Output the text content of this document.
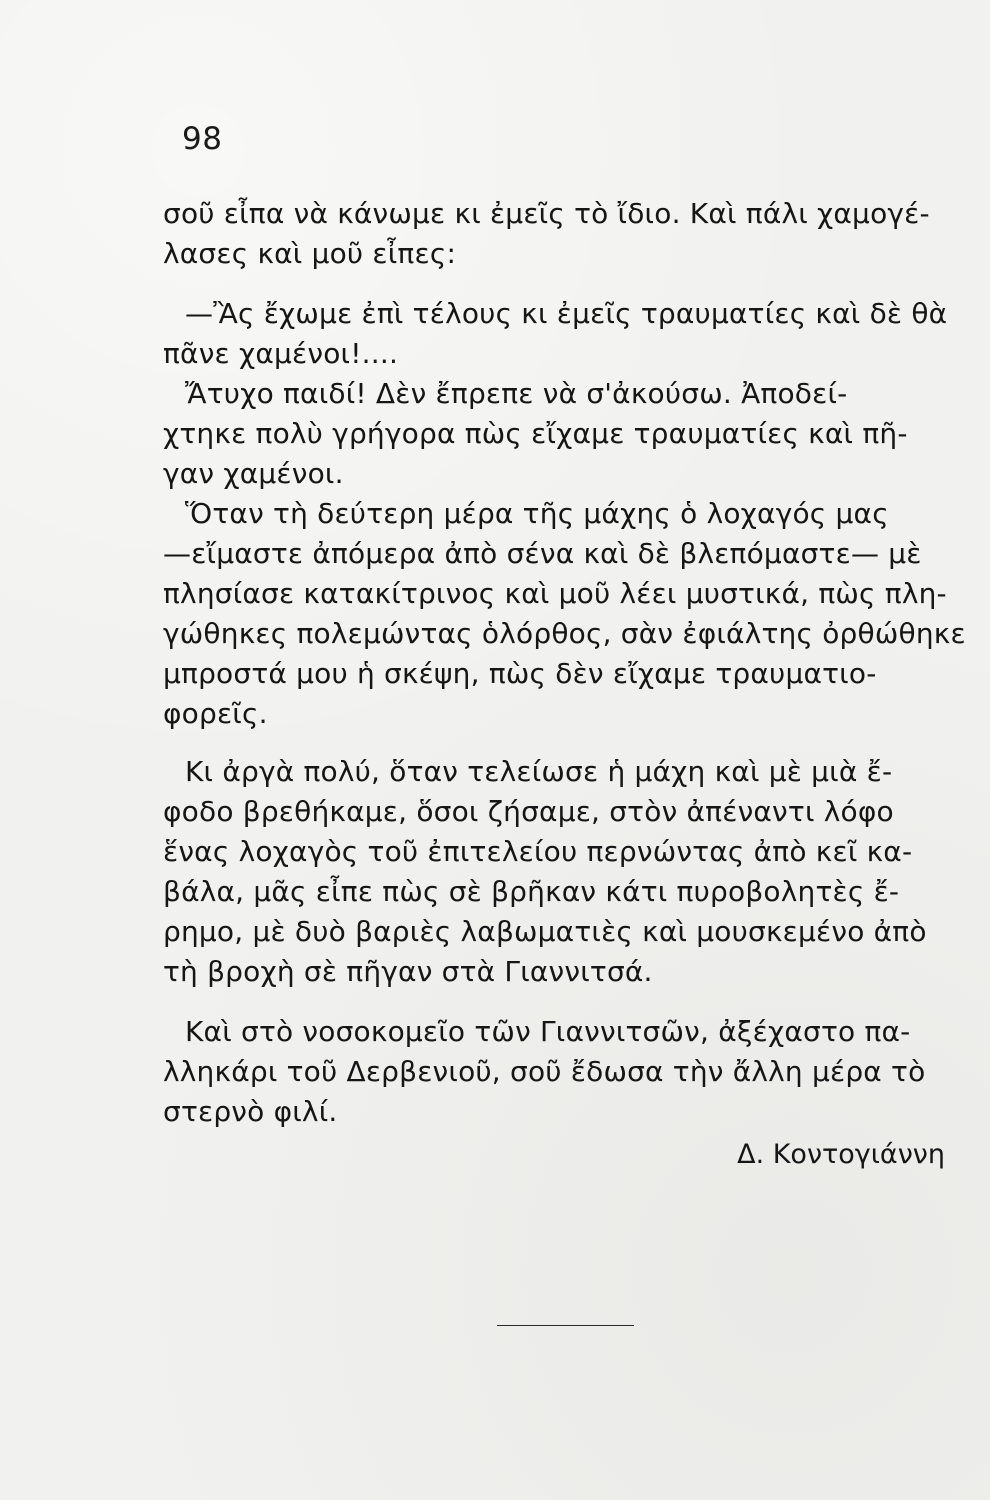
98
σοῦ εἶπα νὰ κάνωμε κι ἐμεῖς τὸ ἴδιο. Καὶ πάλι χαμογέ-
λασες καὶ μοῦ εἶπες:
—Ἂς ἔχωμε ἐπὶ τέλους κι ἐμεῖς τραυματίες καὶ δὲ θὰ
πᾶνε χαμένοι!....
Ἄτυχο παιδί! Δὲν ἔπρεπε νὰ σ'ἀκούσω. Ἀποδεί-
χτηκε πολὺ γρήγορα πὼς εἴχαμε τραυματίες καὶ πῆ-
γαν χαμένοι.
Ὅταν τὴ δεύτερη μέρα τῆς μάχης ὁ λοχαγός μας
—εἴμαστε ἀπόμερα ἀπὸ σένα καὶ δὲ βλεπόμαστε— μὲ
πλησίασε κατακίτρινος καὶ μοῦ λέει μυστικά, πὼς πλη-
γώθηκες πολεμώντας ὁλόρθος, σὰν ἐφιάλτης ὀρθώθηκε
μπροστά μου ἡ σκέψη, πὼς δὲν εἴχαμε τραυματιο-
φορεῖς.
Κι ἀργὰ πολύ, ὅταν τελείωσε ἡ μάχη καὶ μὲ μιὰ ἔ-
φοδο βρεθήκαμε, ὅσοι ζήσαμε, στὸν ἀπέναντι λόφο
ἕνας λοχαγὸς τοῦ ἐπιτελείου περνώντας ἀπὸ κεῖ κα-
βάλα, μᾶς εἶπε πὼς σὲ βρῆκαν κάτι πυροβολητὲς ἔ-
ρημο, μὲ δυὸ βαριὲς λαβωματιὲς καὶ μουσκεμένο ἀπὸ
τὴ βροχὴ σὲ πῆγαν στὰ Γιαννιτσά.
Καὶ στὸ νοσοκομεῖο τῶν Γιαννιτσῶν, ἀξέχαστο πα-
λληκάρι τοῦ Δερβενιοῦ, σοῦ ἔδωσα τὴν ἄλλη μέρα τὸ
στερνὸ φιλί.
Δ. Κοντογιάννη
